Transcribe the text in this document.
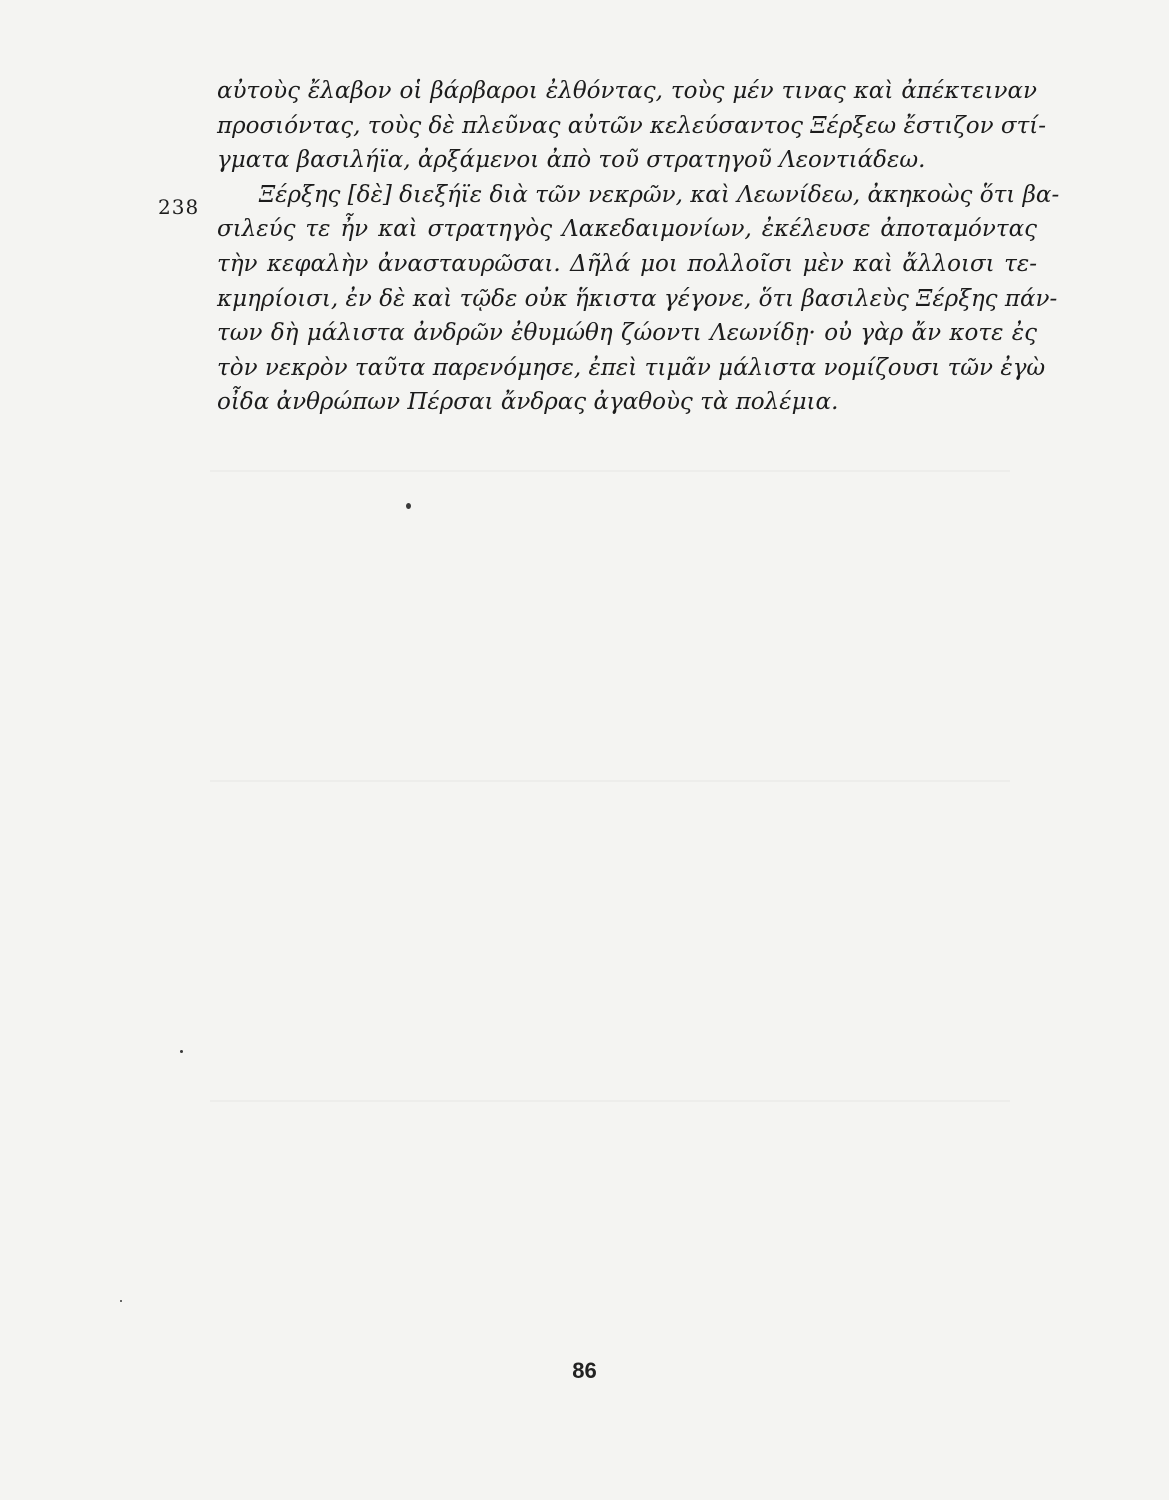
238
αὐτοὺς ἔλαβον οἱ βάρβαροι ἐλθόντας, τοὺς μέν τινας καὶ ἀπέκτειναν
προσιόντας, τοὺς δὲ πλεῦνας αὐτῶν κελεύσαντος Ξέρξεω ἔστιζον στί-
γματα βασιλήϊα, ἀρξάμενοι ἀπὸ τοῦ στρατηγοῦ Λεοντιάδεω.
Ξέρξης [δὲ] διεξήϊε διὰ τῶν νεκρῶν, καὶ Λεωνίδεω, ἀκηκοὼς ὅτι βα-
σιλεύς τε ἦν καὶ στρατηγὸς Λακεδαιμονίων, ἐκέλευσε ἀποταμόντας
τὴν κεφαλὴν ἀνασταυρῶσαι. Δῆλά μοι πολλοῖσι μὲν καὶ ἄλλοισι τε-
κμηρίοισι, ἐν δὲ καὶ τῷδε οὐκ ἥκιστα γέγονε, ὅτι βασιλεὺς Ξέρξης πάν-
των δὴ μάλιστα ἀνδρῶν ἐθυμώθη ζώοντι Λεωνίδῃ· οὐ γὰρ ἄν κοτε ἐς
τὸν νεκρὸν ταῦτα παρενόμησε, ἐπεὶ τιμᾶν μάλιστα νομίζουσι τῶν ἐγὼ
οἶδα ἀνθρώπων Πέρσαι ἄνδρας ἀγαθοὺς τὰ πολέμια.
86
